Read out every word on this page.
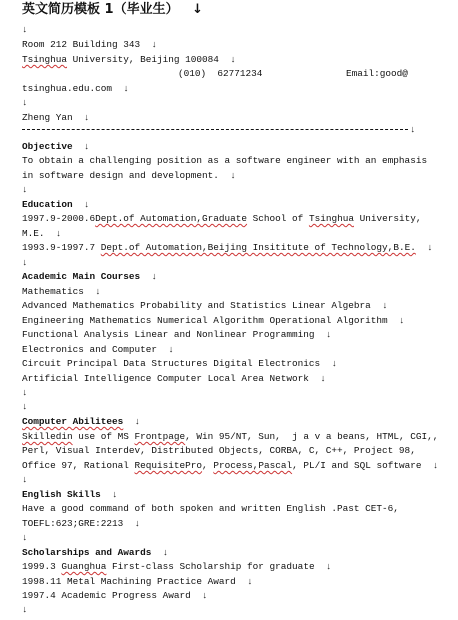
英文简历模板 1（毕业生） ↓
↓
Room 212 Building 343 ↓
Tsinghua University, Beijing 100084 ↓
(010)  62771234	Email:good@
tsinghua.edu.com ↓
↓
Zheng Yan ↓
↓
Objective ↓
To obtain a challenging position as a software engineer with an emphasis
in software design and development. ↓
↓
Education ↓
1997.9-2000.6Dept.of Automation,Graduate School of Tsinghua University,
M.E. ↓
1993.9-1997.7 Dept.of Automation,Beijing Insititute of Technology,B.E. ↓
↓
Academic Main Courses ↓
Mathematics ↓
Advanced Mathematics Probability and Statistics Linear Algebra ↓
Engineering Mathematics Numerical Algorithm Operational Algorithm ↓
Functional Analysis Linear and Nonlinear Programming ↓
Electronics and Computer ↓
Circuit Principal Data Structures Digital Electronics ↓
Artificial Intelligence Computer Local Area Network ↓
↓
↓
Computer Abilitees ↓
Skilledin use of MS Frontpage, Win 95/NT, Sun,  j a v a beans, HTML, CGI,,
Perl, Visual Interdev, Distributed Objects, CORBA, C, C++, Project 98,
Office 97, Rational RequisitePro, Process,Pascal, PL/I and SQL software ↓
↓
English Skills ↓
Have a good command of both spoken and written English .Past CET-6,
TOEFL:623;GRE:2213 ↓
↓
Scholarships and Awards ↓
1999.3 Guanghua First-class Scholarship for graduate ↓
1998.11 Metal Machining Practice Award ↓
1997.4 Academic Progress Award ↓
↓
